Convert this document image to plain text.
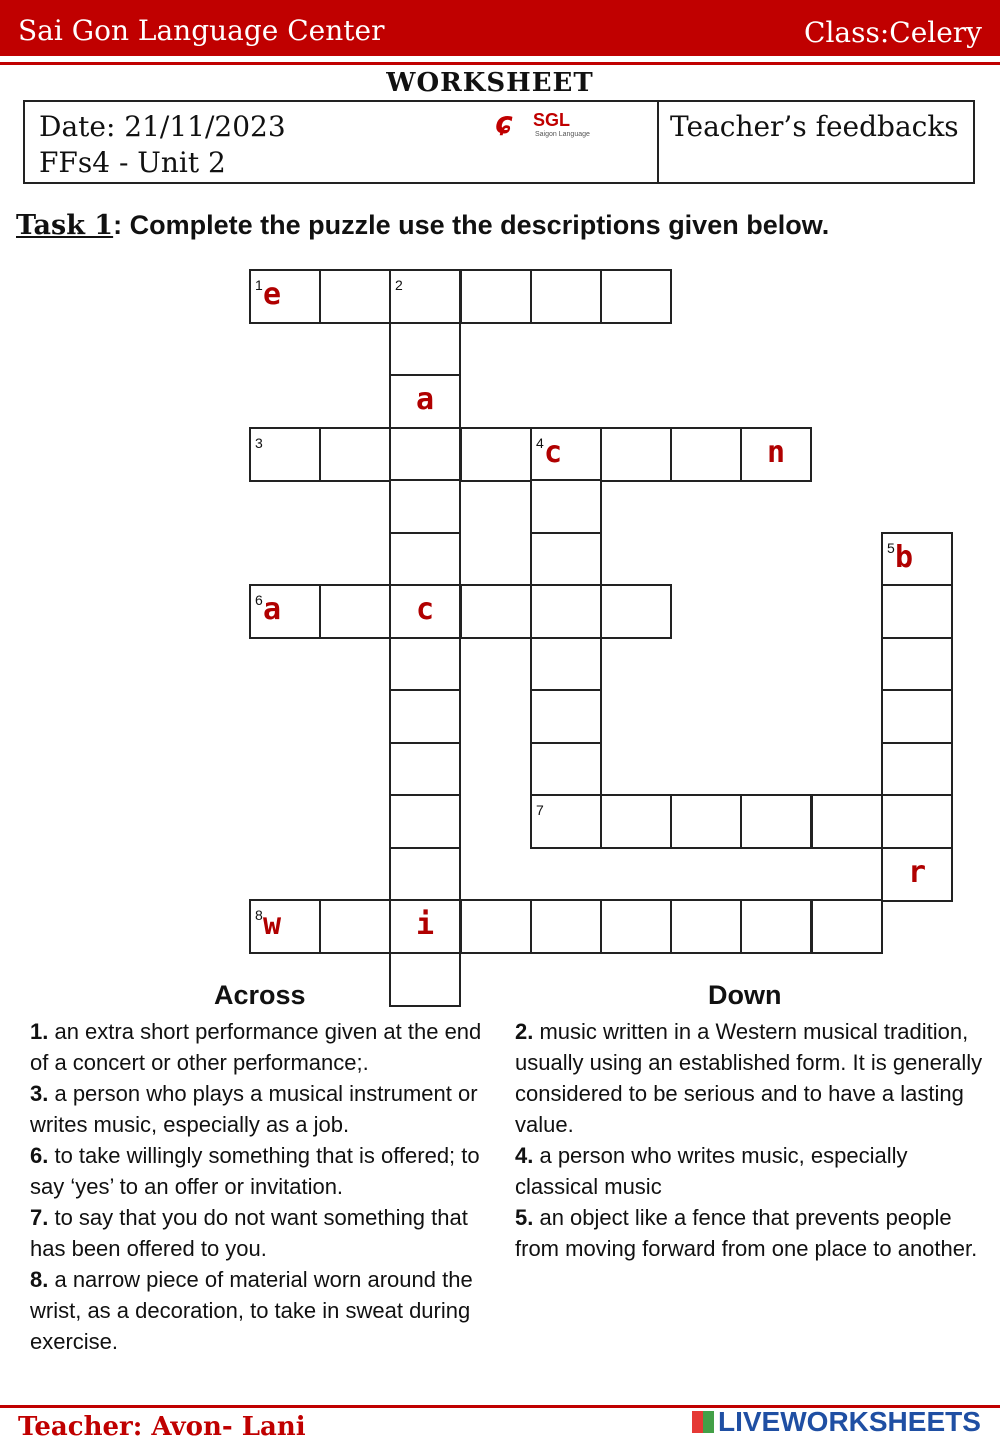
Sai Gon Language Center	Class:Celery
WORKSHEET
Date: 21/11/2023
FFs4 - Unit 2
ɕ SGL
Saigon Language	Teacher’s feedbacks
Task 1: Complete the puzzle use the descriptions given below.
1 e	2
a
3	4 c	n
5 b
6 a	c
7
r
8 w	i
Across	Down

1. an extra short performance given at the end of a concert or other performance;.

3. a person who plays a musical instrument or writes music, especially as a job.

6. to take willingly something that is offered; to say ‘yes’ to an offer or invitation.

7. to say that you do not want something that has been offered to you.

8. a narrow piece of material worn around the wrist, as a decoration, to take in sweat during exercise.

2. music written in a Western musical tradition, usually using an established form. It is generally considered to be serious and to have a lasting value.

4. a person who writes music, especially classical music

5. an object like a fence that prevents people from moving forward from one place to another.

Teacher: Avon- Lani	LIVEWORKSHEETS
